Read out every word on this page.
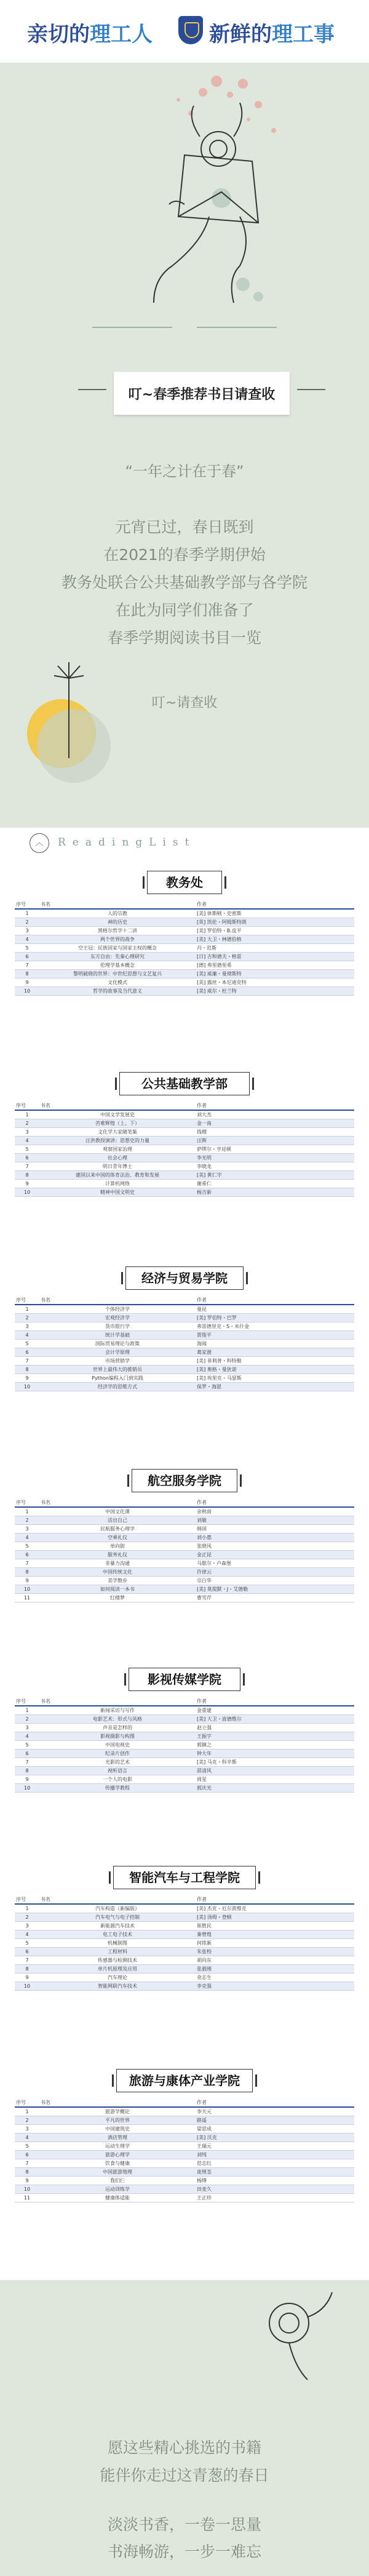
亲切的理工人	新鲜的理工事
叮~春季推荐书目请查收
“一年之计在于春”
元宵已过，春日既到
在2021的春季学期伊始
教务处联合公共基础教学部与各学院
在此为同学们准备了
春季学期阅读书目一览
叮~请查收
︿	ReadingList
教务处
序号	书名	作者
1	人的宗教	[美] 休斯顿・史密斯
2	神的历史	[英] 凯伦・阿姆斯特朗
3	黑格尔哲学十二讲	[美] 罗伯特・B.皮平
4	两个世界的战争	[美] 大卫・林德伯格
5	空王冠：民族国家与国家主权的概念	丹・范斯
6	东方自由：先秦心理研究	[日] 吉和德夫・格雷
7	伦理学基本概念	[德] 弗里德里希
8	黎明破晓的世界：中世纪思想与文艺复兴	[美] 威廉・曼彻斯特
9	文化模式	[美] 露丝・本尼迪克特
10	哲学的故事及当代意义	[美] 威尔・杜兰特
公共基础教学部
序号	书名	作者
1	中国文学发展史	刘大杰
2	苦难辉煌（上、下）	金一南
3	文化学大家随笔集	钱穆
4	汪洪教授演讲：思想史的力量	汪晖
5	观察国家治理	萨缪尔・亨廷顿
6	社会心理	李光明
7	明日青年博士	李晓龙
8	建国以来中国的体育法治、教育和发展	[美] 黄仁宇
9	计算机网络	谢希仁
10	精神中国文明史	杨吉新
经济与贸易学院
序号	书名	作者
1	个体经济学	曼昆
2	宏观经济学	[美] 罗伯特・巴罗
3	货币银行学	弗雷德里克・S・米什金
4	统计学基础	贾俊平
5	国际贸易理论与政策	海闻
6	会计学原理	葛家澍
7	市场营销学	[美] 菲利普・科特勒
8	世界上最伟大的推销员	[美] 奥格・曼狄诺
9	Python编程入门到实践	[美] 埃里克・马瑟斯
10	经济学的思维方式	保罗・海恩
航空服务学院
序号	书名	作者
1	中国文化课	余秋雨
2	活出自己	刘敏
3	民航服务心理学	韩国
4	空乘礼仪	刘小惠
5	单向街	张晓风
6	服务礼仪	金正昆
7	非暴力沟通	马歇尔・卢森堡
8	中国传统文化	许倬云
9	美学散步	宗白华
10	如何阅读一本书	[美] 莫提默・J・艾德勒
11	红楼梦	曹雪芹
影视传媒学院
序号	书名	作者
1	新闻采访与写作	金重建
2	电影艺术：形式与风格	[美] 大卫・波德维尔
3	声音是怎样的	赵立强
4	影视摄影与构图	王振宇
5	中国电视史	郭镇之
6	纪录片创作	钟大年
7	光影的艺术	[美] 马克・科辛斯
8	视听语言	邵清风
9	一个人的电影	周星
10	传播学教程	郭庆光
智能汽车与工程学院
序号	书名	作者
1	汽车构造（新编版）	[美] 杰克・厄尔贾维克
2	汽车电气与电子控制	[美] 汤姆・登顿
3	新能源汽车技术	崔胜民
4	电工电子技术	秦曾煌
5	机械制图	何铭新
6	工程材料	朱张校
7	传感器与检测技术	胡向东
8	单片机原理及应用	张毅刚
9	汽车理论	余志生
10	智能网联汽车技术	李克强
旅游与康体产业学院
序号	书名	作者
1	旅游学概论	李天元
2	平凡的世界	路遥
3	中国建筑史	梁思成
4	酒店管理	[美] 沃克
5	运动生理学	王瑞元
6	旅游心理学	刘纯
7	饮食与健康	范志红
8	中国旅游地理	庞规荃
9	我们仨	杨绛
10	运动训练学	田麦久
11	健康体适能	王正珍
愿这些精心挑选的书籍
能伴你走过这青葱的春日
淡淡书香，一卷一思量
书海畅游，一步一难忘
